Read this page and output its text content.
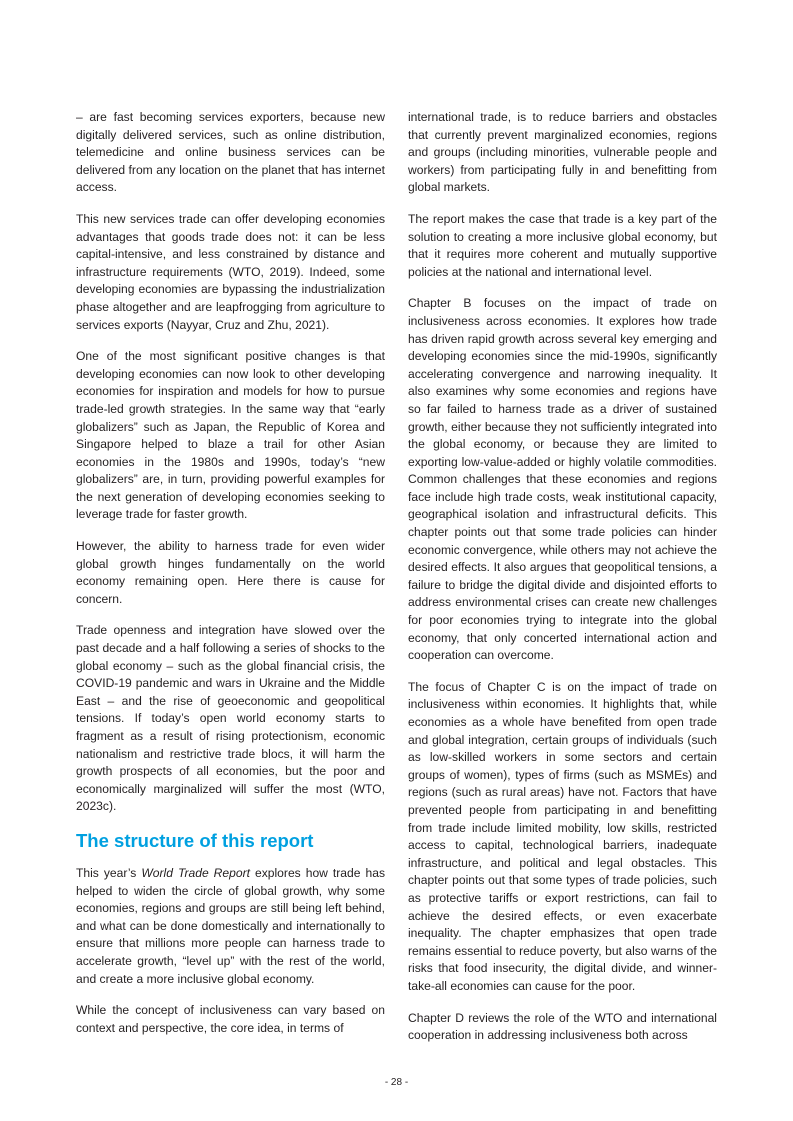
– are fast becoming services exporters, because new digitally delivered services, such as online distribution, telemedicine and online business services can be delivered from any location on the planet that has internet access.

This new services trade can offer developing economies advantages that goods trade does not: it can be less capital-intensive, and less constrained by distance and infrastructure requirements (WTO, 2019). Indeed, some developing economies are bypassing the industrialization phase altogether and are leapfrogging from agriculture to services exports (Nayyar, Cruz and Zhu, 2021).

One of the most significant positive changes is that developing economies can now look to other developing economies for inspiration and models for how to pursue trade-led growth strategies. In the same way that “early globalizers” such as Japan, the Republic of Korea and Singapore helped to blaze a trail for other Asian economies in the 1980s and 1990s, today’s “new globalizers” are, in turn, providing powerful examples for the next generation of developing economies seeking to leverage trade for faster growth.

However, the ability to harness trade for even wider global growth hinges fundamentally on the world economy remaining open. Here there is cause for concern.

Trade openness and integration have slowed over the past decade and a half following a series of shocks to the global economy – such as the global financial crisis, the COVID-19 pandemic and wars in Ukraine and the Middle East – and the rise of geoeconomic and geopolitical tensions. If today’s open world economy starts to fragment as a result of rising protectionism, economic nationalism and restrictive trade blocs, it will harm the growth prospects of all economies, but the poor and economically marginalized will suffer the most (WTO, 2023c).

The structure of this report

This year’s World Trade Report explores how trade has helped to widen the circle of global growth, why some economies, regions and groups are still being left behind, and what can be done domestically and internationally to ensure that millions more people can harness trade to accelerate growth, “level up” with the rest of the world, and create a more inclusive global economy.

While the concept of inclusiveness can vary based on context and perspective, the core idea, in terms of

international trade, is to reduce barriers and obstacles that currently prevent marginalized economies, regions and groups (including minorities, vulnerable people and workers) from participating fully in and benefitting from global markets.

The report makes the case that trade is a key part of the solution to creating a more inclusive global economy, but that it requires more coherent and mutually supportive policies at the national and international level.

Chapter B focuses on the impact of trade on inclusiveness across economies. It explores how trade has driven rapid growth across several key emerging and developing economies since the mid-1990s, significantly accelerating convergence and narrowing inequality. It also examines why some economies and regions have so far failed to harness trade as a driver of sustained growth, either because they not sufficiently integrated into the global economy, or because they are limited to exporting low-value-added or highly volatile commodities. Common challenges that these economies and regions face include high trade costs, weak institutional capacity, geographical isolation and infrastructural deficits. This chapter points out that some trade policies can hinder economic convergence, while others may not achieve the desired effects. It also argues that geopolitical tensions, a failure to bridge the digital divide and disjointed efforts to address environmental crises can create new challenges for poor economies trying to integrate into the global economy, that only concerted international action and cooperation can overcome.

The focus of Chapter C is on the impact of trade on inclusiveness within economies. It highlights that, while economies as a whole have benefited from open trade and global integration, certain groups of individuals (such as low-skilled workers in some sectors and certain groups of women), types of firms (such as MSMEs) and regions (such as rural areas) have not. Factors that have prevented people from participating in and benefitting from trade include limited mobility, low skills, restricted access to capital, technological barriers, inadequate infrastructure, and political and legal obstacles. This chapter points out that some types of trade policies, such as protective tariffs or export restrictions, can fail to achieve the desired effects, or even exacerbate inequality. The chapter emphasizes that open trade remains essential to reduce poverty, but also warns of the risks that food insecurity, the digital divide, and winner-take-all economies can cause for the poor.

Chapter D reviews the role of the WTO and international cooperation in addressing inclusiveness both across

- 28 -
